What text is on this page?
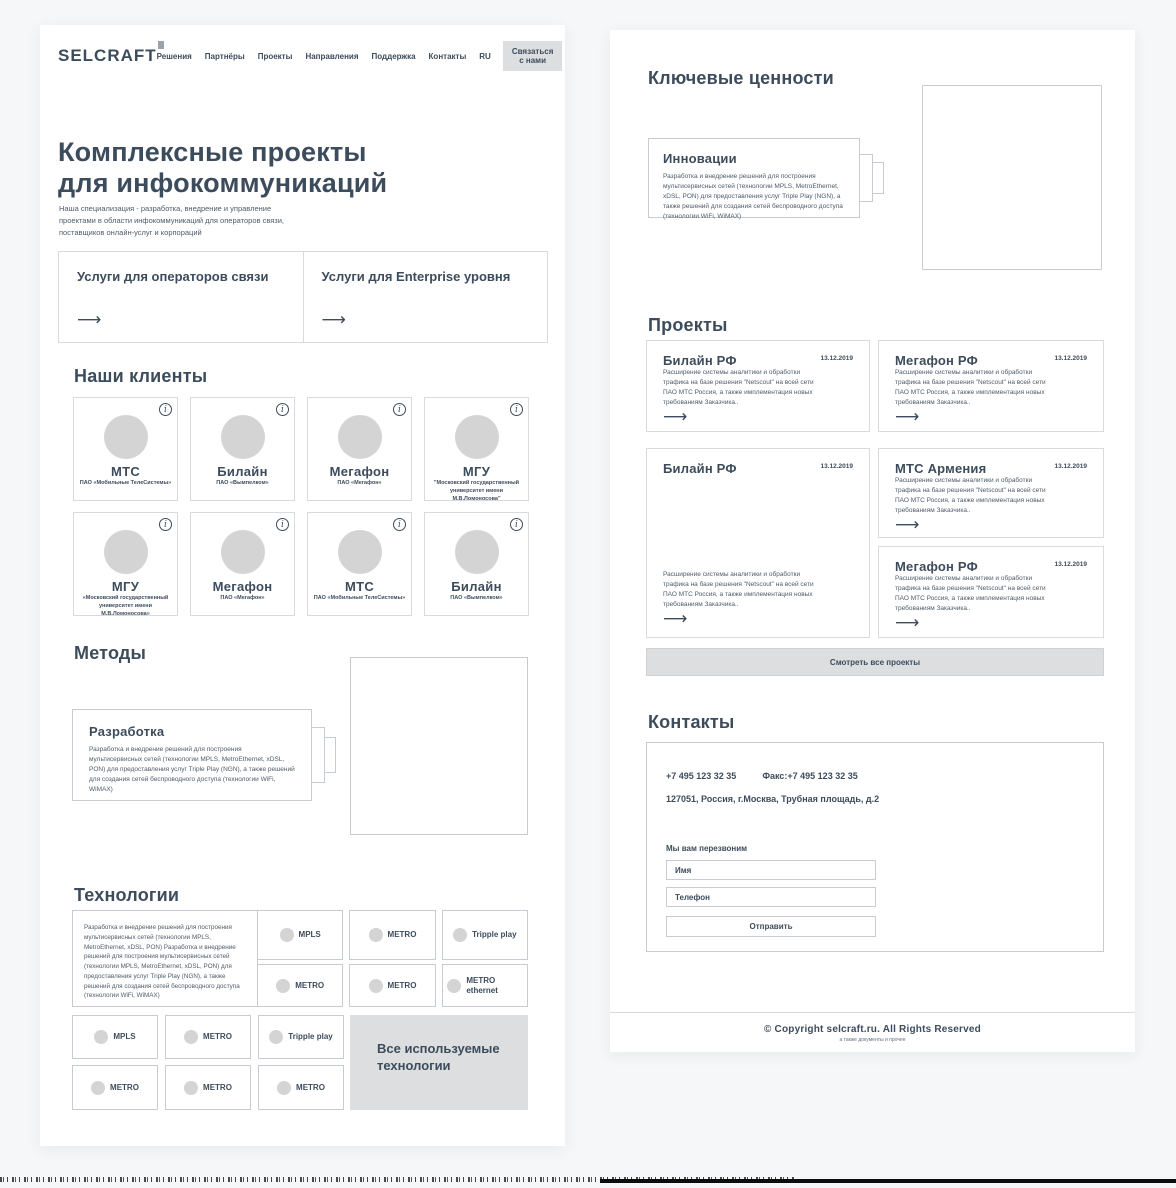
SELCRAFT Решения Партнёры Проекты Направления Поддержка Контакты RU	Связаться с нами
Комплексные проекты
для инфокоммуникаций

Наша специализация - разработка, внедрение и управление проектами в области инфокоммуникаций для операторов связи, поставщиков онлайн-услуг и корпораций

Услуги для операторов связи
⟶
Услуги для Enterprise уровня
⟶
Наши клиенты
i
МТС
ПАО «Мобильные ТелеСистемы»
i
Билайн
ПАО «Вымпелком»
i
Мегафон
ПАО «Мегафон»
i
МГУ
"Московский государственный университет имени М.В.Ломоносова"
i
МГУ
«Московский государственный университет имени М.В.Ломоносова»
i
Мегафон
ПАО «Мегафон»
i
МТС
ПАО «Мобильные ТелеСистемы»
i
Билайн
ПАО «Вымпелком»
Методы
Разработка

Разработка и внедрение решений для построения мультисервисных сетей (технологии MPLS, MetroEthernet, xDSL, PON) для предоставления услуг Triple Play (NGN), а также решений для создания сетей беспроводного доступа (технологии WiFi, WiMAX)

Технологии
Разработка и внедрение решений для построения мультисервисных сетей (технологии MPLS, MetroEthernet, xDSL, PON) Разработка и внедрение решений для построения мультисервисных сетей (технологии MPLS, MetroEthernet, xDSL, PON) для предоставления услуг Triple Play (NGN), а также решений для создания сетей беспроводного доступа (технологии WiFi, WiMAX)
MPLS	METRO	Tripple play
METRO	METRO
METRO ethernet
MPLS	METRO	Tripple play
METRO	METRO	METRO
Все используемые технологии
Ключевые ценности
Инновации

Разработка и внедрение решений для построения мультисервисных сетей (технологии MPLS, MetroEthernet, xDSL, PON) для предоставления услуг Triple Play (NGN), а также решений для создания сетей беспроводного доступа (технологии WiFi, WiMAX)

Проекты
Билайн РФ	13.12.2019

Расширение системы аналитики и обработки трафика на базе решения "Netscout" на всей сети ПАО МТС Россия, а также имплементация новых требованиям Заказчика..

⟶
Мегафон РФ	13.12.2019

Расширение системы аналитики и обработки трафика на базе решения "Netscout" на всей сети ПАО МТС Россия, а также имплементация новых требованиям Заказчика..

⟶
Билайн РФ	13.12.2019

Расширение системы аналитики и обработки трафика на базе решения "Netscout" на всей сети ПАО МТС Россия, а также имплементация новых требованиям Заказчика..

⟶
МТС Армения	13.12.2019

Расширение системы аналитики и обработки трафика на базе решения "Netscout" на всей сети ПАО МТС Россия, а также имплементация новых требованиям Заказчика..

⟶
Мегафон РФ	13.12.2019

Расширение системы аналитики и обработки трафика на базе решения "Netscout" на всей сети ПАО МТС Россия, а также имплементация новых требованиям Заказчика..

⟶
Смотреть все проекты
Контакты
+7 495 123 32 35	Факс:+7 495 123 32 35
127051, Россия, г.Москва, Трубная площадь, д.2
Мы вам перезвоним
Имя
Телефон
Отправить
© Copyright selcraft.ru. All Rights Reserved
а также документы и прочее
